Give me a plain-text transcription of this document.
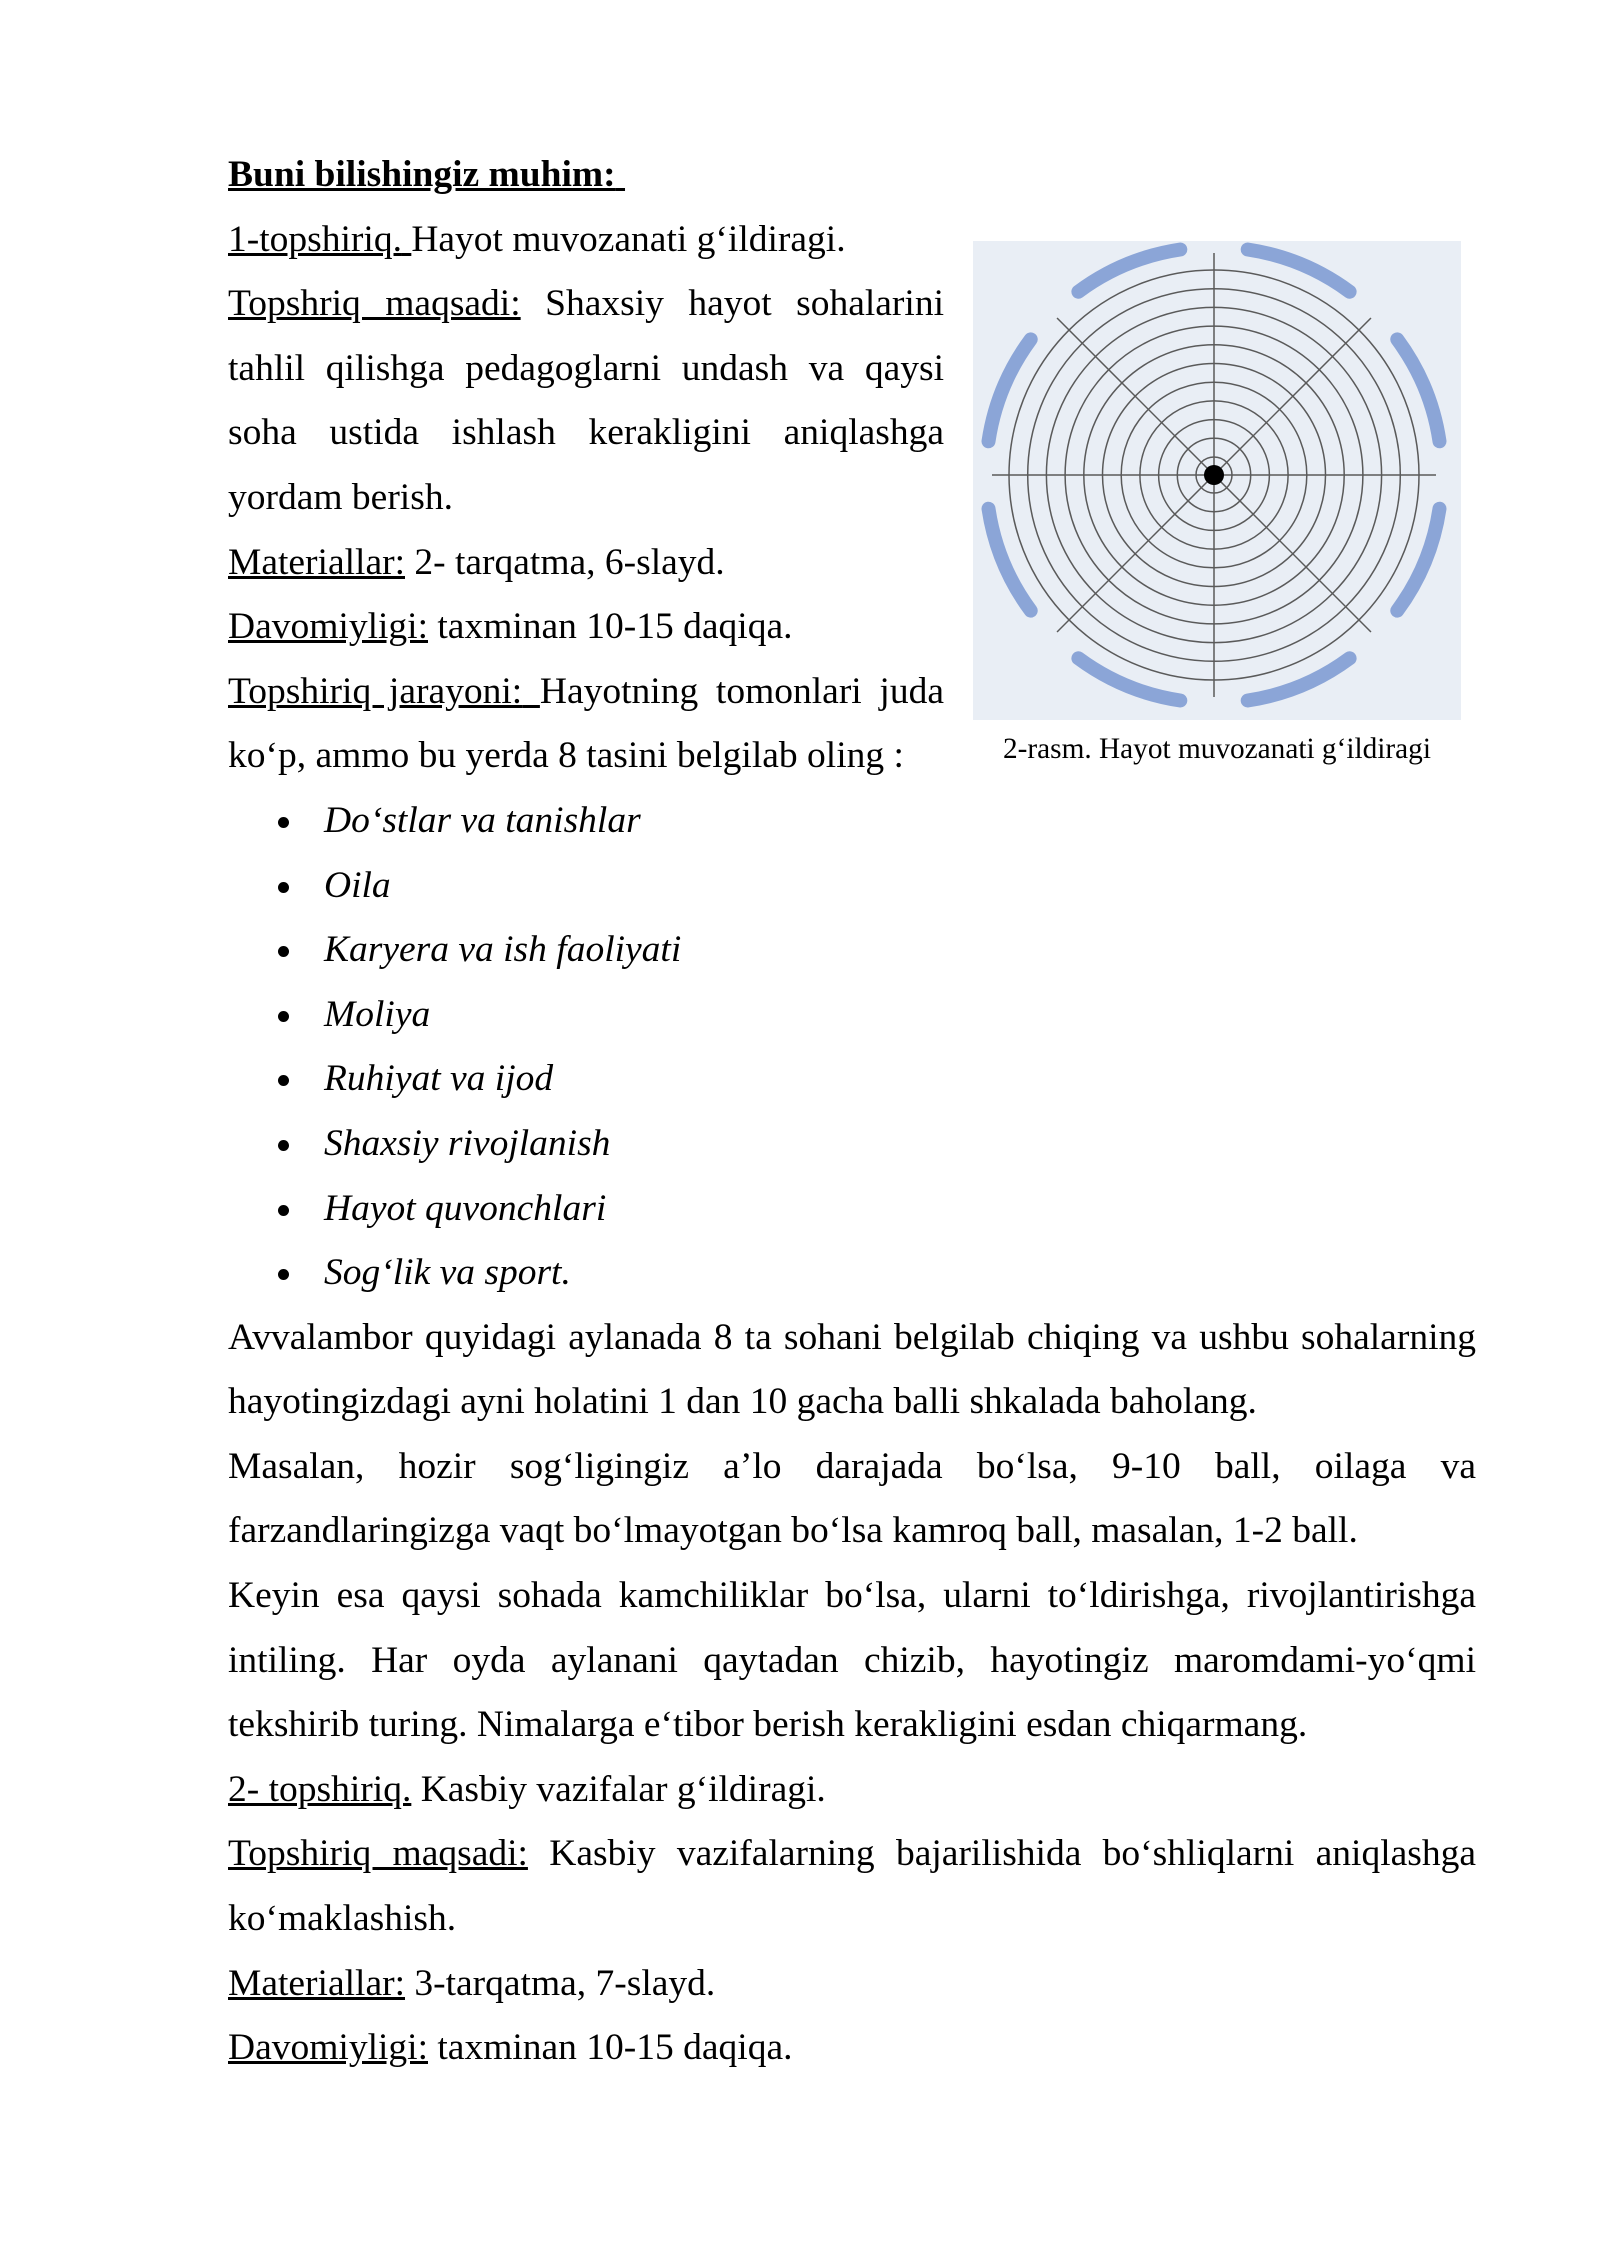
Buni bilishingiz muhim:

1-topshiriq. Hayot muvozanati g‘ildiragi.

Topshriq maqsadi: Shaxsiy hayot sohalarini tahlil qilishga pedagoglarni undash va qaysi soha ustida ishlash kerakligini aniqlashga yordam berish.

Materiallar: 2- tarqatma, 6-slayd.

Davomiyligi: taxminan 10-15 daqiqa.

Topshiriq jarayoni: Hayotning tomonlari juda ko‘p, ammo bu yerda 8 tasini belgilab oling :

Do‘stlar va tanishlar
Oila
Karyera va ish faoliyati
Moliya
Ruhiyat va ijod
Shaxsiy rivojlanish
Hayot quvonchlari
Sog‘lik va sport.

Avvalambor quyidagi aylanada 8 ta sohani belgilab chiqing va ushbu sohalarning hayotingizdagi ayni holatini 1 dan 10 gacha balli shkalada baholang.

Masalan, hozir sog‘ligingiz a’lo darajada bo‘lsa, 9-10 ball, oilaga va farzandlaringizga vaqt bo‘lmayotgan bo‘lsa kamroq ball, masalan, 1-2 ball.

Keyin esa qaysi sohada kamchiliklar bo‘lsa, ularni to‘ldirishga, rivojlantirishga intiling. Har oyda aylanani qaytadan chizib, hayotingiz maromdami-yo‘qmi tekshirib turing. Nimalarga e‘tibor berish kerakligini esdan chiqarmang.

2- topshiriq. Kasbiy vazifalar g‘ildiragi.

Topshiriq maqsadi: Kasbiy vazifalarning bajarilishida bo‘shliqlarni aniqlashga ko‘maklashish.

Materiallar: 3-tarqatma, 7-slayd.

Davomiyligi: taxminan 10-15 daqiqa.

2-rasm. Hayot muvozanati g‘ildiragi
